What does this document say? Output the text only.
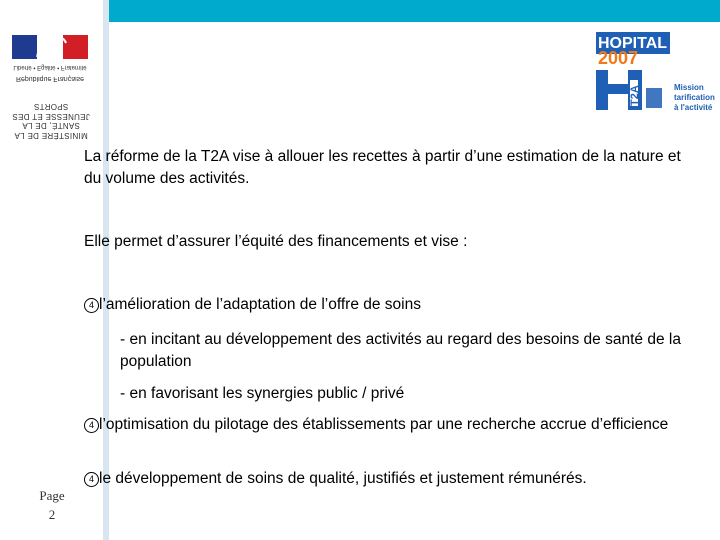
Liberté • Égalité • Fraternité
République Française
MINISTÈRE DE LA SANTÉ, DE LA JEUNESSE ET DES SPORTS
HOPITAL
2007
T2A	Mission
tarification
à l'activité

La réforme de la T2A vise à allouer les recettes à partir d’une estimation de la nature et du volume des activités.

Elle permet d’assurer l’équité des financements et vise :

4 l’amélioration de l’adaptation de l’offre de soins

- en incitant au développement des activités au regard des besoins de santé de la population

- en favorisant les synergies public / privé

4 l’optimisation du pilotage des établissements par une recherche accrue d’efficience

4 le développement de soins de qualité, justifiés et justement rémunérés.

Page
2
